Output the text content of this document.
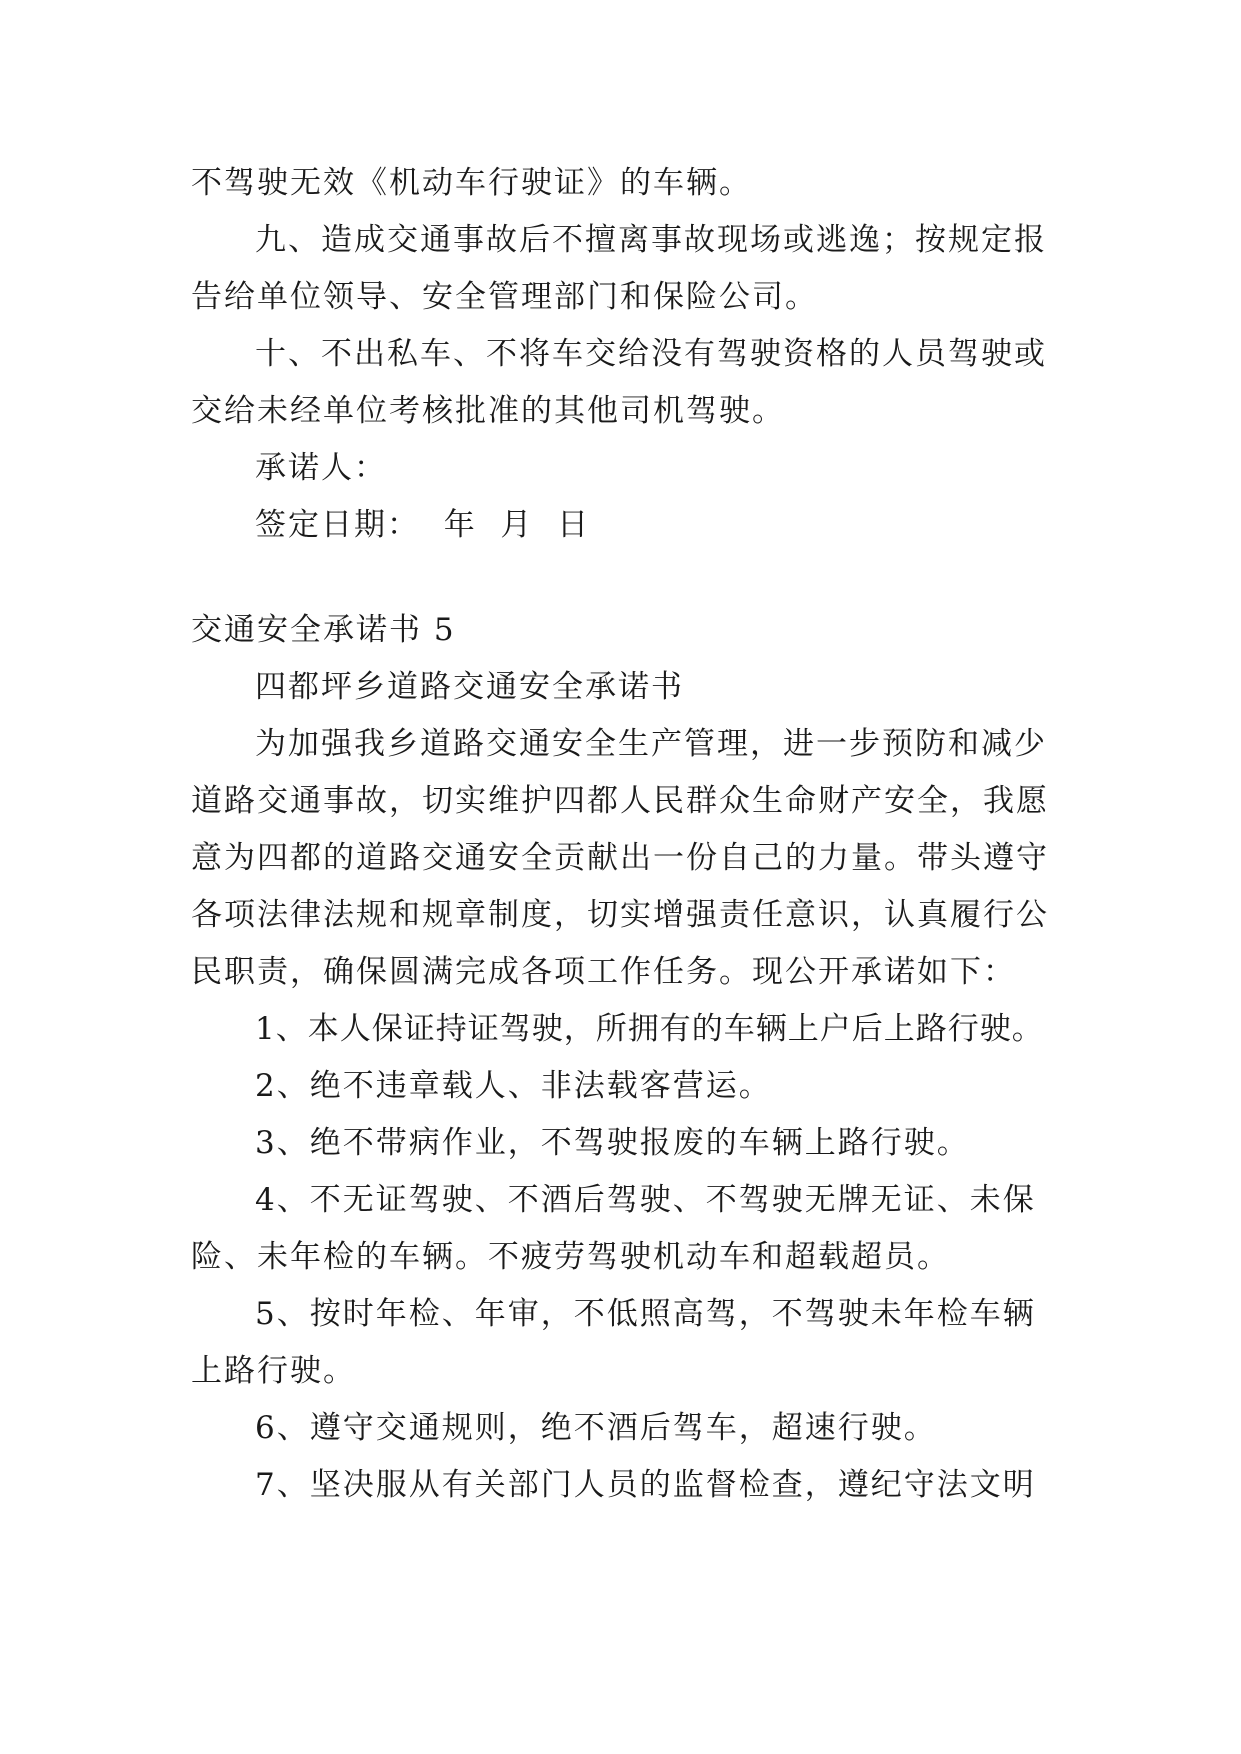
不驾驶无效《机动车行驶证》的车辆。
九、造成交通事故后不擅离事故现场或逃逸；按规定报
告给单位领导、安全管理部门和保险公司。
十、不出私车、不将车交给没有驾驶资格的人员驾驶或
交给未经单位考核批准的其他司机驾驶。
承诺人：
签定日期：  年  月  日
交通安全承诺书 5
四都坪乡道路交通安全承诺书
为加强我乡道路交通安全生产管理，进一步预防和减少
道路交通事故，切实维护四都人民群众生命财产安全，我愿
意为四都的道路交通安全贡献出一份自己的力量。带头遵守
各项法律法规和规章制度，切实增强责任意识，认真履行公
民职责，确保圆满完成各项工作任务。现公开承诺如下：
1、本人保证持证驾驶，所拥有的车辆上户后上路行驶。
2、绝不违章载人、非法载客营运。
3、绝不带病作业，不驾驶报废的车辆上路行驶。
4、不无证驾驶、不酒后驾驶、不驾驶无牌无证、未保
险、未年检的车辆。不疲劳驾驶机动车和超载超员。
5、按时年检、年审，不低照高驾，不驾驶未年检车辆
上路行驶。
6、遵守交通规则，绝不酒后驾车，超速行驶。
7、坚决服从有关部门人员的监督检查，遵纪守法文明
